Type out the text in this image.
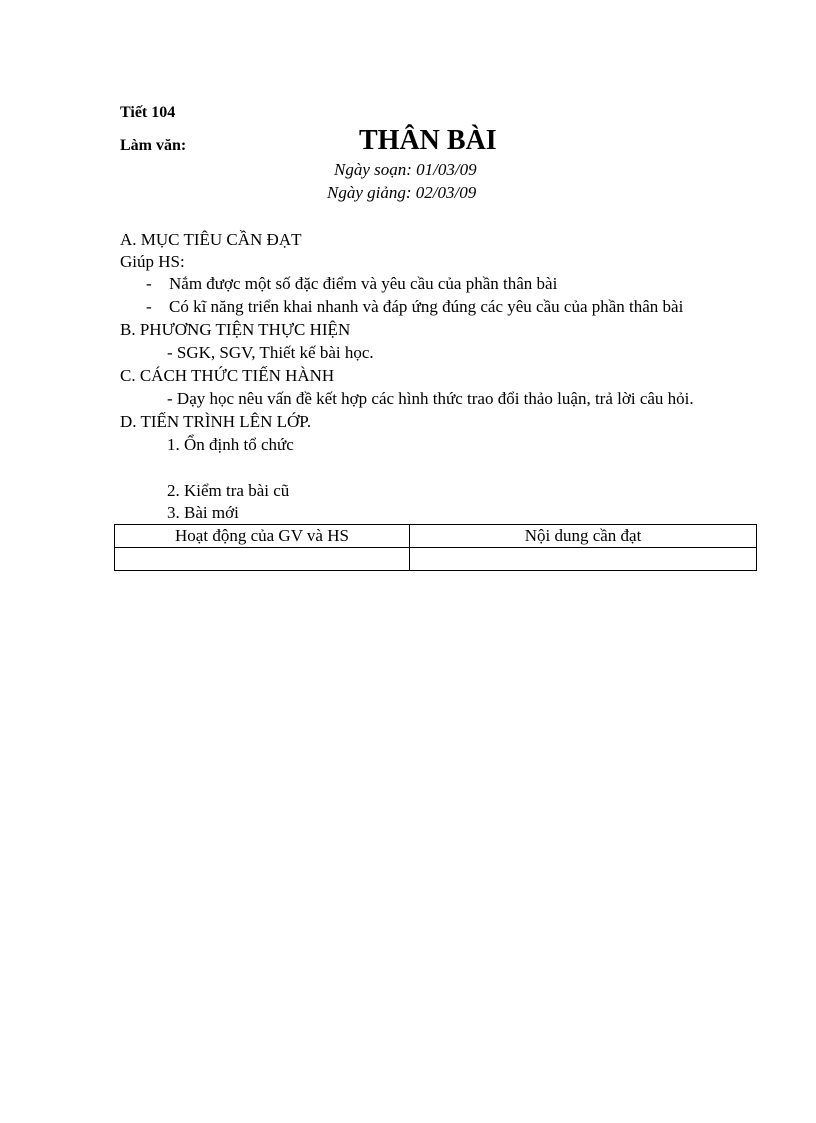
Tiết 104
Làm văn:	THÂN BÀI
Ngày soạn: 01/03/09
Ngày giảng: 02/03/09
A. MỤC TIÊU CẦN ĐẠT
Giúp HS:
- Nắm được một số đặc điểm và yêu cầu của phần thân bài
- Có kĩ năng triển khai nhanh và đáp ứng đúng các yêu cầu của phần thân bài
B. PHƯƠNG TIỆN THỰC HIỆN
- SGK, SGV, Thiết kế bài học.
C. CÁCH THỨC TIẾN HÀNH
- Dạy học nêu vấn đề kết hợp các hình thức trao đổi thảo luận, trả lời câu hỏi.
D. TIẾN TRÌNH LÊN LỚP.
1. Ổn định tổ chức
2. Kiểm tra bài cũ
3. Bài mới
Hoạt động của GV và HS	Nội dung cần đạt
